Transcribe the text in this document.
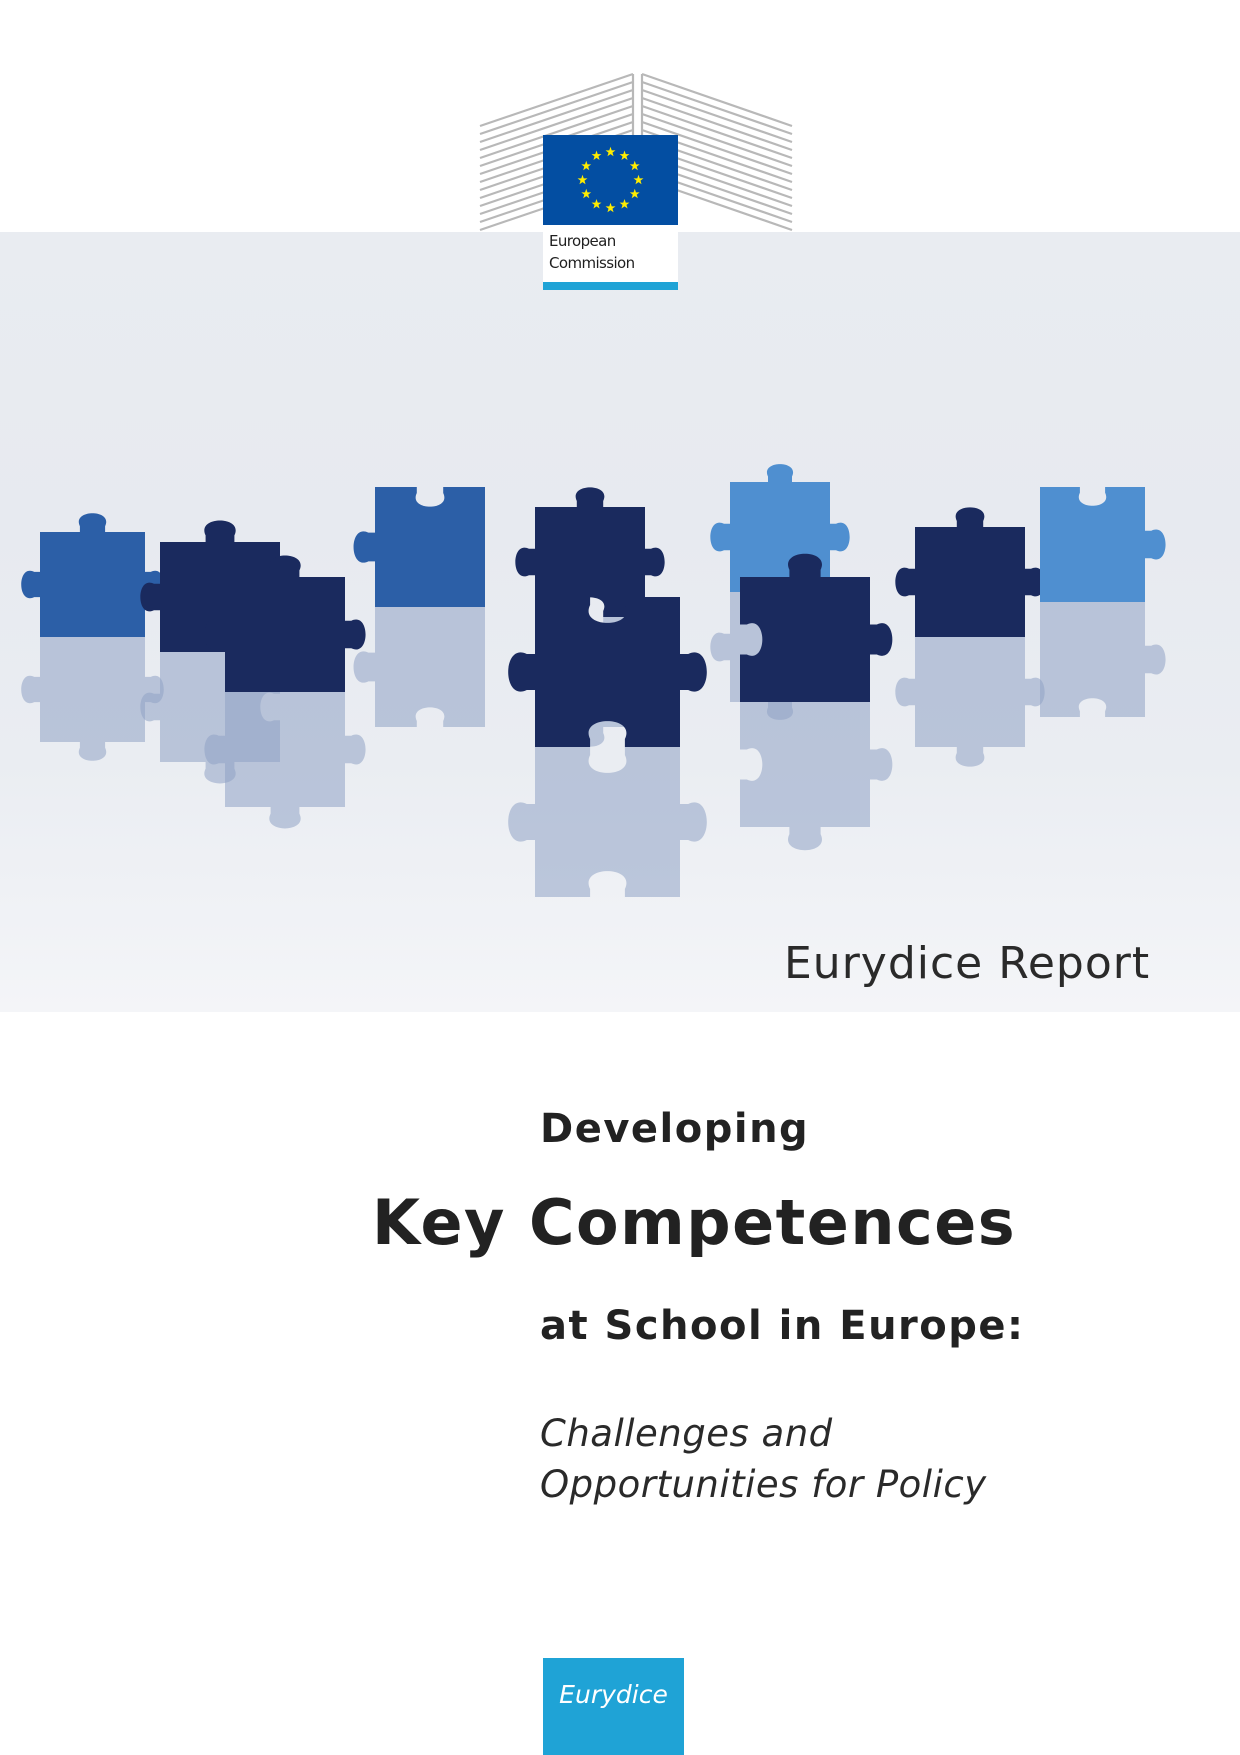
European
Commission
Eurydice Report
Developing
Key Competences
at School in Europe:

Challenges and
Opportunities for Policy

Eurydice
